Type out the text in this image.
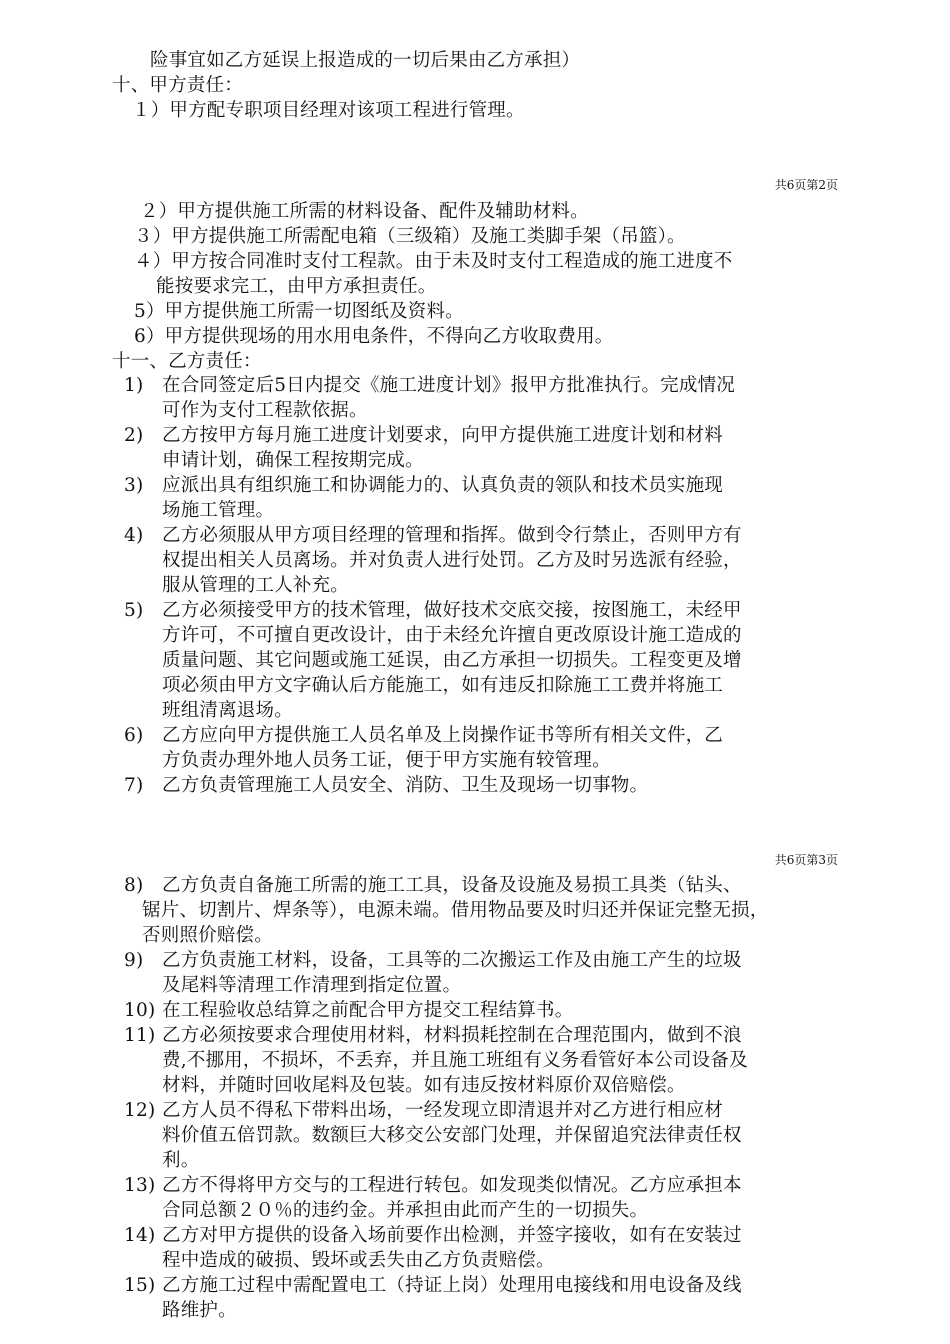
险事宜如乙方延误上报造成的一切后果由乙方承担）
十、甲方责任：
１）甲方配专职项目经理对该项工程进行管理。
共6页第2页
２）甲方提供施工所需的材料设备、配件及辅助材料。
３）甲方提供施工所需配电箱（三级箱）及施工类脚手架（吊篮）。
４）甲方按合同准时支付工程款。由于未及时支付工程造成的施工进度不
能按要求完工，由甲方承担责任。
5）甲方提供施工所需一切图纸及资料。
6）甲方提供现场的用水用电条件，不得向乙方收取费用。
十一、乙方责任：
1) 在合同签定后5日内提交《施工进度计划》报甲方批准执行。完成情况
可作为支付工程款依据。
2) 乙方按甲方每月施工进度计划要求，向甲方提供施工进度计划和材料
申请计划，确保工程按期完成。
3) 应派出具有组织施工和协调能力的、认真负责的领队和技术员实施现
场施工管理。
4) 乙方必须服从甲方项目经理的管理和指挥。做到令行禁止，否则甲方有
权提出相关人员离场。并对负责人进行处罚。乙方及时另选派有经验，
服从管理的工人补充。
5) 乙方必须接受甲方的技术管理，做好技术交底交接，按图施工，未经甲
方许可，不可擅自更改设计，由于未经允许擅自更改原设计施工造成的
质量问题、其它问题或施工延误，由乙方承担一切损失。工程变更及增
项必须由甲方文字确认后方能施工，如有违反扣除施工工费并将施工
班组清离退场。
6) 乙方应向甲方提供施工人员名单及上岗操作证书等所有相关文件，乙
方负责办理外地人员务工证，便于甲方实施有较管理。
7) 乙方负责管理施工人员安全、消防、卫生及现场一切事物。
共6页第3页
8) 乙方负责自备施工所需的施工工具，设备及设施及易损工具类（钻头、
锯片、切割片、焊条等），电源未端。借用物品要及时归还并保证完整无损，
否则照价赔偿。
9) 乙方负责施工材料，设备，工具等的二次搬运工作及由施工产生的垃圾
及尾料等清理工作清理到指定位置。
10) 在工程验收总结算之前配合甲方提交工程结算书。
11) 乙方必须按要求合理使用材料，材料损耗控制在合理范围内，做到不浪
费,不挪用，不损坏，不丢弃，并且施工班组有义务看管好本公司设备及
材料，并随时回收尾料及包装。如有违反按材料原价双倍赔偿。
12) 乙方人员不得私下带料出场，一经发现立即清退并对乙方进行相应材
料价值五倍罚款。数额巨大移交公安部门处理，并保留追究法律责任权
利。
13) 乙方不得将甲方交与的工程进行转包。如发现类似情况。乙方应承担本
合同总额２０％的违约金。并承担由此而产生的一切损失。
14) 乙方对甲方提供的设备入场前要作出检测，并签字接收，如有在安装过
程中造成的破损、毁坏或丢失由乙方负责赔偿。
15) 乙方施工过程中需配置电工（持证上岗）处理用电接线和用电设备及线
路维护。
